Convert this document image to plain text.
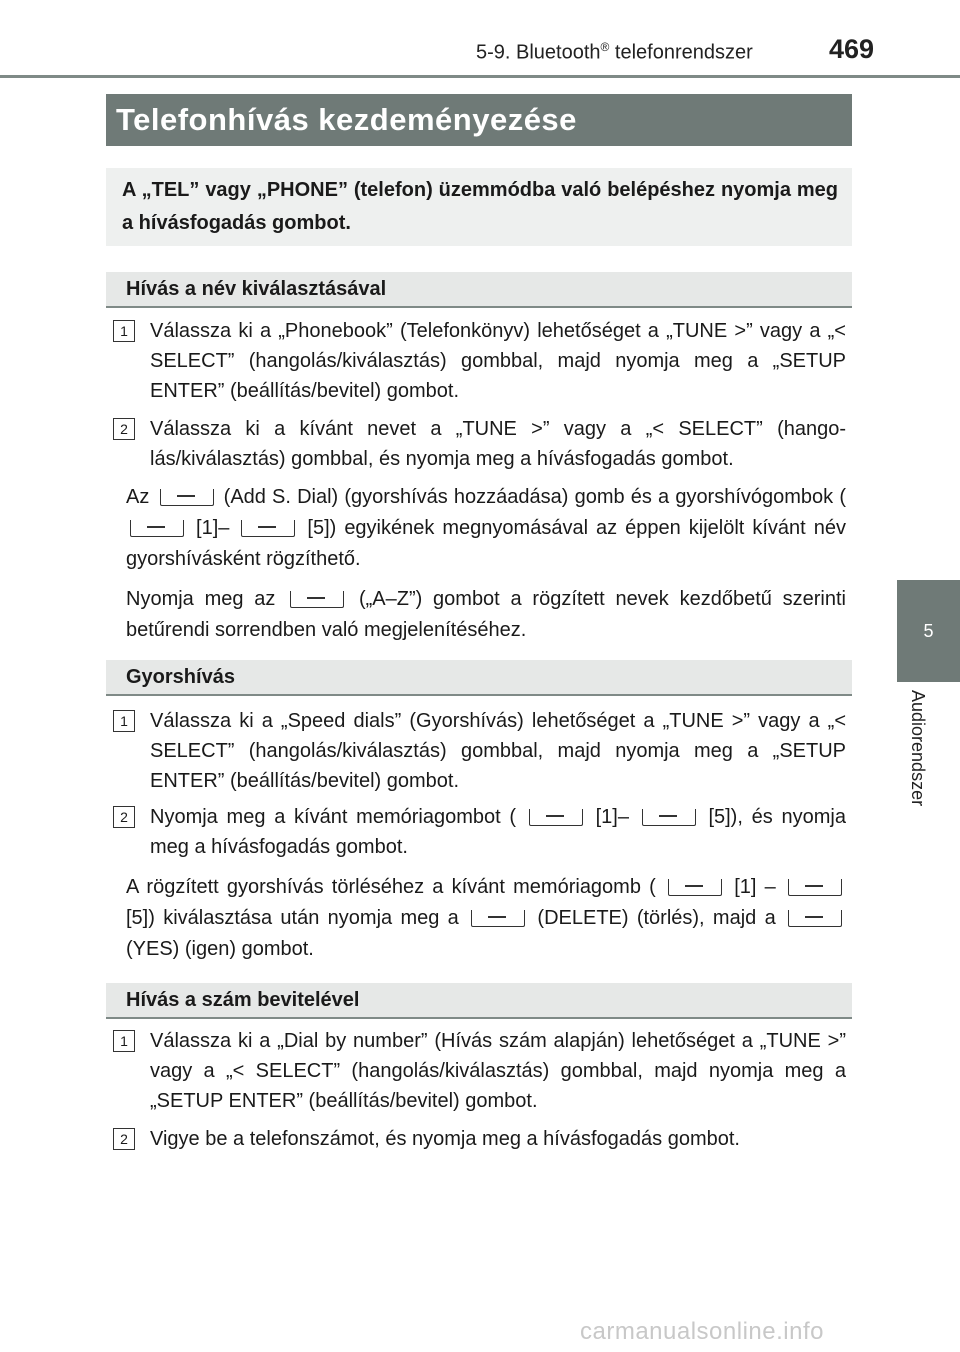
5-9. Bluetooth® telefonrendszer	469
5
Audiorendszer
Telefonhívás kezdeményezése
A „TEL” vagy „PHONE” (telefon) üzemmódba való belépéshez nyomja meg a hívásfogadás gombot.
Hívás a név kiválasztásával
1	Válassza ki a „Phonebook” (Telefonkönyv) lehetőséget a „TUNE >” vagy a „< SELECT” (hangolás/kiválasztás) gombbal, majd nyomja meg a „SETUP ENTER” (beállítás/bevitel) gombot.
2	Válassza ki a kívánt nevet a „TUNE >” vagy a „< SELECT” (hango-lás/kiválasztás) gombbal, és nyomja meg a hívásfogadás gombot.
Az	(Add S. Dial) (gyorshívás hozzáadása) gomb és a gyorshívógombok (  [1]–	[5]) egyikének megnyomásával az éppen kijelölt kívánt név gyorshívásként rögzíthető.
Nyomja meg az	(„A–Z”) gombot a rögzített nevek kezdőbetű szerinti betűrendi sorrendben való megjelenítéséhez.
Gyorshívás
1	Válassza ki a „Speed dials” (Gyorshívás) lehetőséget a „TUNE >” vagy a „< SELECT” (hangolás/kiválasztás) gombbal, majd nyomja meg a „SETUP ENTER” (beállítás/bevitel) gombot.
2	Nyomja meg a kívánt memóriagombot (	[1]–	[5]), és nyomja meg a hívásfogadás gombot.
A rögzített gyorshívás törléséhez a kívánt memóriagomb (	[1] –  [5]) kiválasztása után nyomja meg a	(DELETE) (törlés), majd a  (YES) (igen) gombot.
Hívás a szám bevitelével
1	Válassza ki a „Dial by number” (Hívás szám alapján) lehetőséget a „TUNE >” vagy a „< SELECT” (hangolás/kiválasztás) gombbal, majd nyomja meg a „SETUP ENTER” (beállítás/bevitel) gombot.
2	Vigye be a telefonszámot, és nyomja meg a hívásfogadás gombot.
carmanualsonline.info
